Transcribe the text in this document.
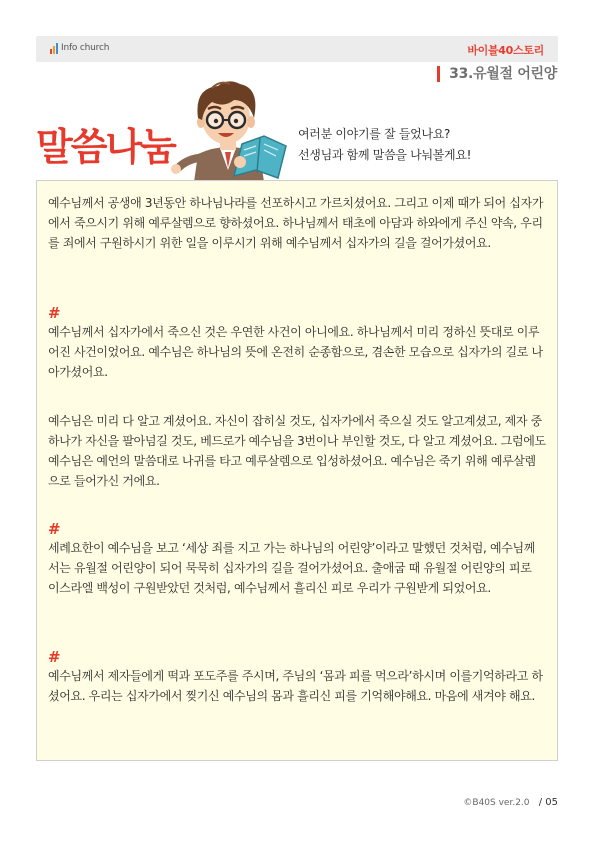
Info church	바이블40스토리
33.유월절 어린양
말씀나눔	여러분 이야기를 잘 들었나요?
선생님과 함께 말씀을 나눠볼게요!
예수님께서 공생애 3년동안 하나님나라를 선포하시고 가르치셨어요. 그리고 이제 때가 되어 십자가에서 죽으시기 위해 예루살렘으로 향하셨어요. 하나님께서 태초에 아담과 하와에게 주신 약속, 우리를 죄에서 구원하시기 위한 일을 이루시기 위해 예수님께서 십자가의 길을 걸어가셨어요.
#
예수님께서 십자가에서 죽으신 것은 우연한 사건이 아니에요. 하나님께서 미리 정하신 뜻대로 이루어진 사건이었어요. 예수님은 하나님의 뜻에 온전히 순종함으로, 겸손한 모습으로 십자가의 길로 나아가셨어요.
예수님은 미리 다 알고 계셨어요. 자신이 잡히실 것도, 십자가에서 죽으실 것도 알고계셨고, 제자 중 하나가 자신을 팔아넘길 것도, 베드로가 예수님을 3번이나 부인할 것도, 다 알고 계셨어요. 그럼에도 예수님은 예언의 말씀대로 나귀를 타고 예루살렘으로 입성하셨어요. 예수님은 죽기 위해 예루살렘으로 들어가신 거에요.
#
세례요한이 예수님을 보고 ‘세상 죄를 지고 가는 하나님의 어린양’이라고 말했던 것처럼, 예수님께서는 유월절 어린양이 되어 묵묵히 십자가의 길을 걸어가셨어요. 출애굽 때 유월절 어린양의 피로 이스라엘 백성이 구원받았던 것처럼, 예수님께서 흘리신 피로 우리가 구원받게 되었어요.
#
예수님께서 제자들에게 떡과 포도주를 주시며, 주님의 ‘몸과 피를 먹으라’하시며 이를기억하라고 하셨어요. 우리는 십자가에서 찢기신 예수님의 몸과 흘리신 피를 기억해야해요. 마음에 새겨야 해요.
©B40S ver.2.0 / 05
